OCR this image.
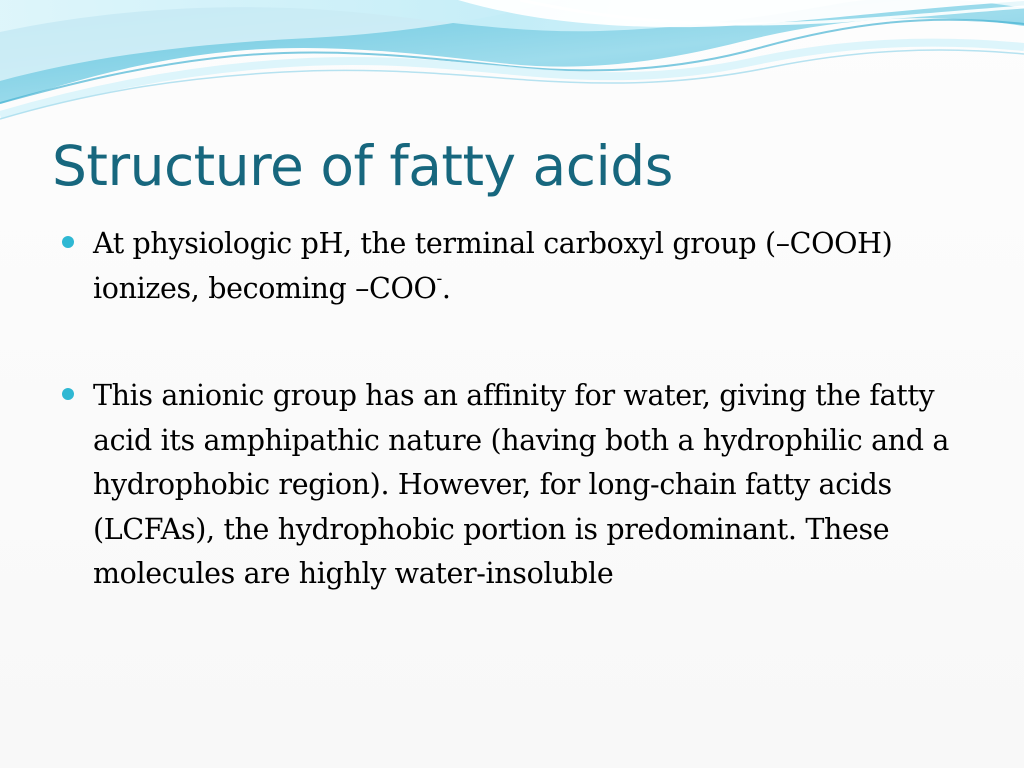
Structure of fatty acids
At physiologic pH, the terminal carboxyl group (–COOH) ionizes, becoming –COO-.
This anionic group has an affinity for water, giving the fatty acid its amphipathic nature (having both a hydrophilic and a hydrophobic region). However, for long-chain fatty acids (LCFAs), the hydrophobic portion is predominant. These molecules are highly water-insoluble
